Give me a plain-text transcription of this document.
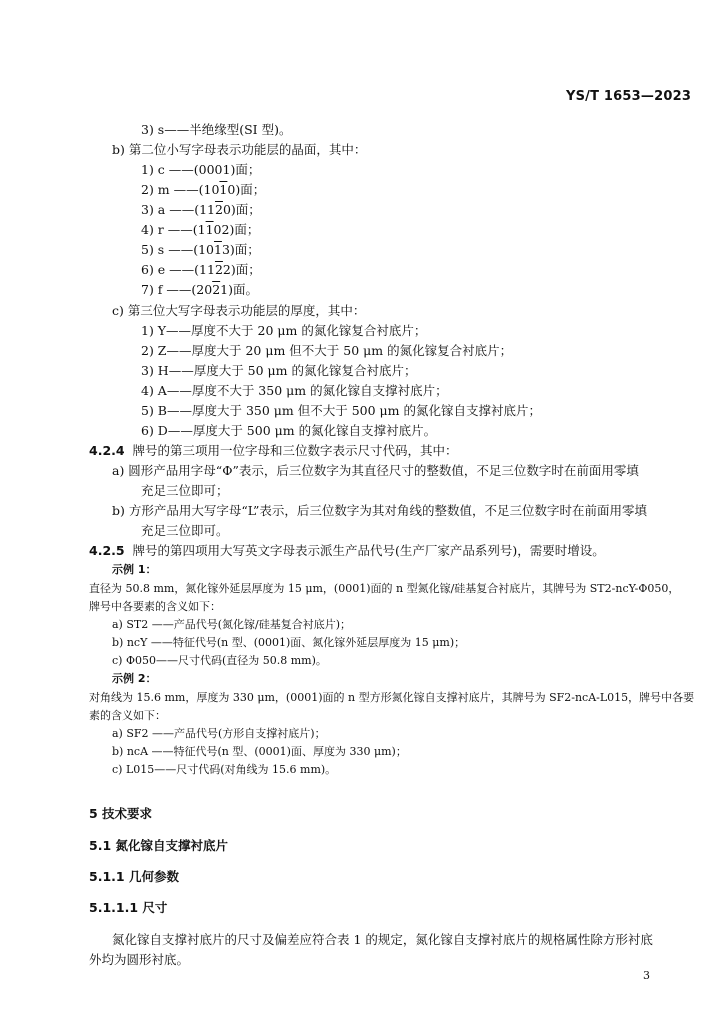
YS/T 1653—2023
3) s——半绝缘型(SI 型)。
b) 第二位小写字母表示功能层的晶面，其中：
1) c ——(0001)面；
2) m ——(1010)面；
3) a ——(1120)面；
4) r ——(1102)面；
5) s ——(1013)面；
6) e ——(1122)面；
7) f ——(2021)面。
c) 第三位大写字母表示功能层的厚度，其中：
1) Y——厚度不大于 20 μm 的氮化镓复合衬底片；
2) Z——厚度大于 20 μm 但不大于 50 μm 的氮化镓复合衬底片；
3) H——厚度大于 50 μm 的氮化镓复合衬底片；
4) A——厚度不大于 350 μm 的氮化镓自支撑衬底片；
5) B——厚度大于 350 μm 但不大于 500 μm 的氮化镓自支撑衬底片；
6) D——厚度大于 500 μm 的氮化镓自支撑衬底片。
4.2.4 牌号的第三项用一位字母和三位数字表示尺寸代码，其中：
a) 圆形产品用字母“Φ”表示，后三位数字为其直径尺寸的整数值，不足三位数字时在前面用零填
充足三位即可；
b) 方形产品用大写字母“L”表示，后三位数字为其对角线的整数值，不足三位数字时在前面用零填
充足三位即可。
4.2.5 牌号的第四项用大写英文字母表示派生产品代号(生产厂家产品系列号)，需要时增设。
示例 1：
直径为 50.8 mm，氮化镓外延层厚度为 15 μm，(0001)面的 n 型氮化镓/硅基复合衬底片，其牌号为 ST2-ncY-Φ050，
牌号中各要素的含义如下：
a) ST2 ——产品代号(氮化镓/硅基复合衬底片)；
b) ncY ——特征代号(n 型、(0001)面、氮化镓外延层厚度为 15 μm)；
c) Φ050——尺寸代码(直径为 50.8 mm)。
示例 2：
对角线为 15.6 mm，厚度为 330 μm，(0001)面的 n 型方形氮化镓自支撑衬底片，其牌号为 SF2-ncA-L015，牌号中各要
素的含义如下：
a) SF2 ——产品代号(方形自支撑衬底片)；
b) ncA ——特征代号(n 型、(0001)面、厚度为 330 μm)；
c) L015——尺寸代码(对角线为 15.6 mm)。
5 技术要求
5.1 氮化镓自支撑衬底片
5.1.1 几何参数
5.1.1.1 尺寸
氮化镓自支撑衬底片的尺寸及偏差应符合表 1 的规定，氮化镓自支撑衬底片的规格属性除方形衬底
外均为圆形衬底。
3
